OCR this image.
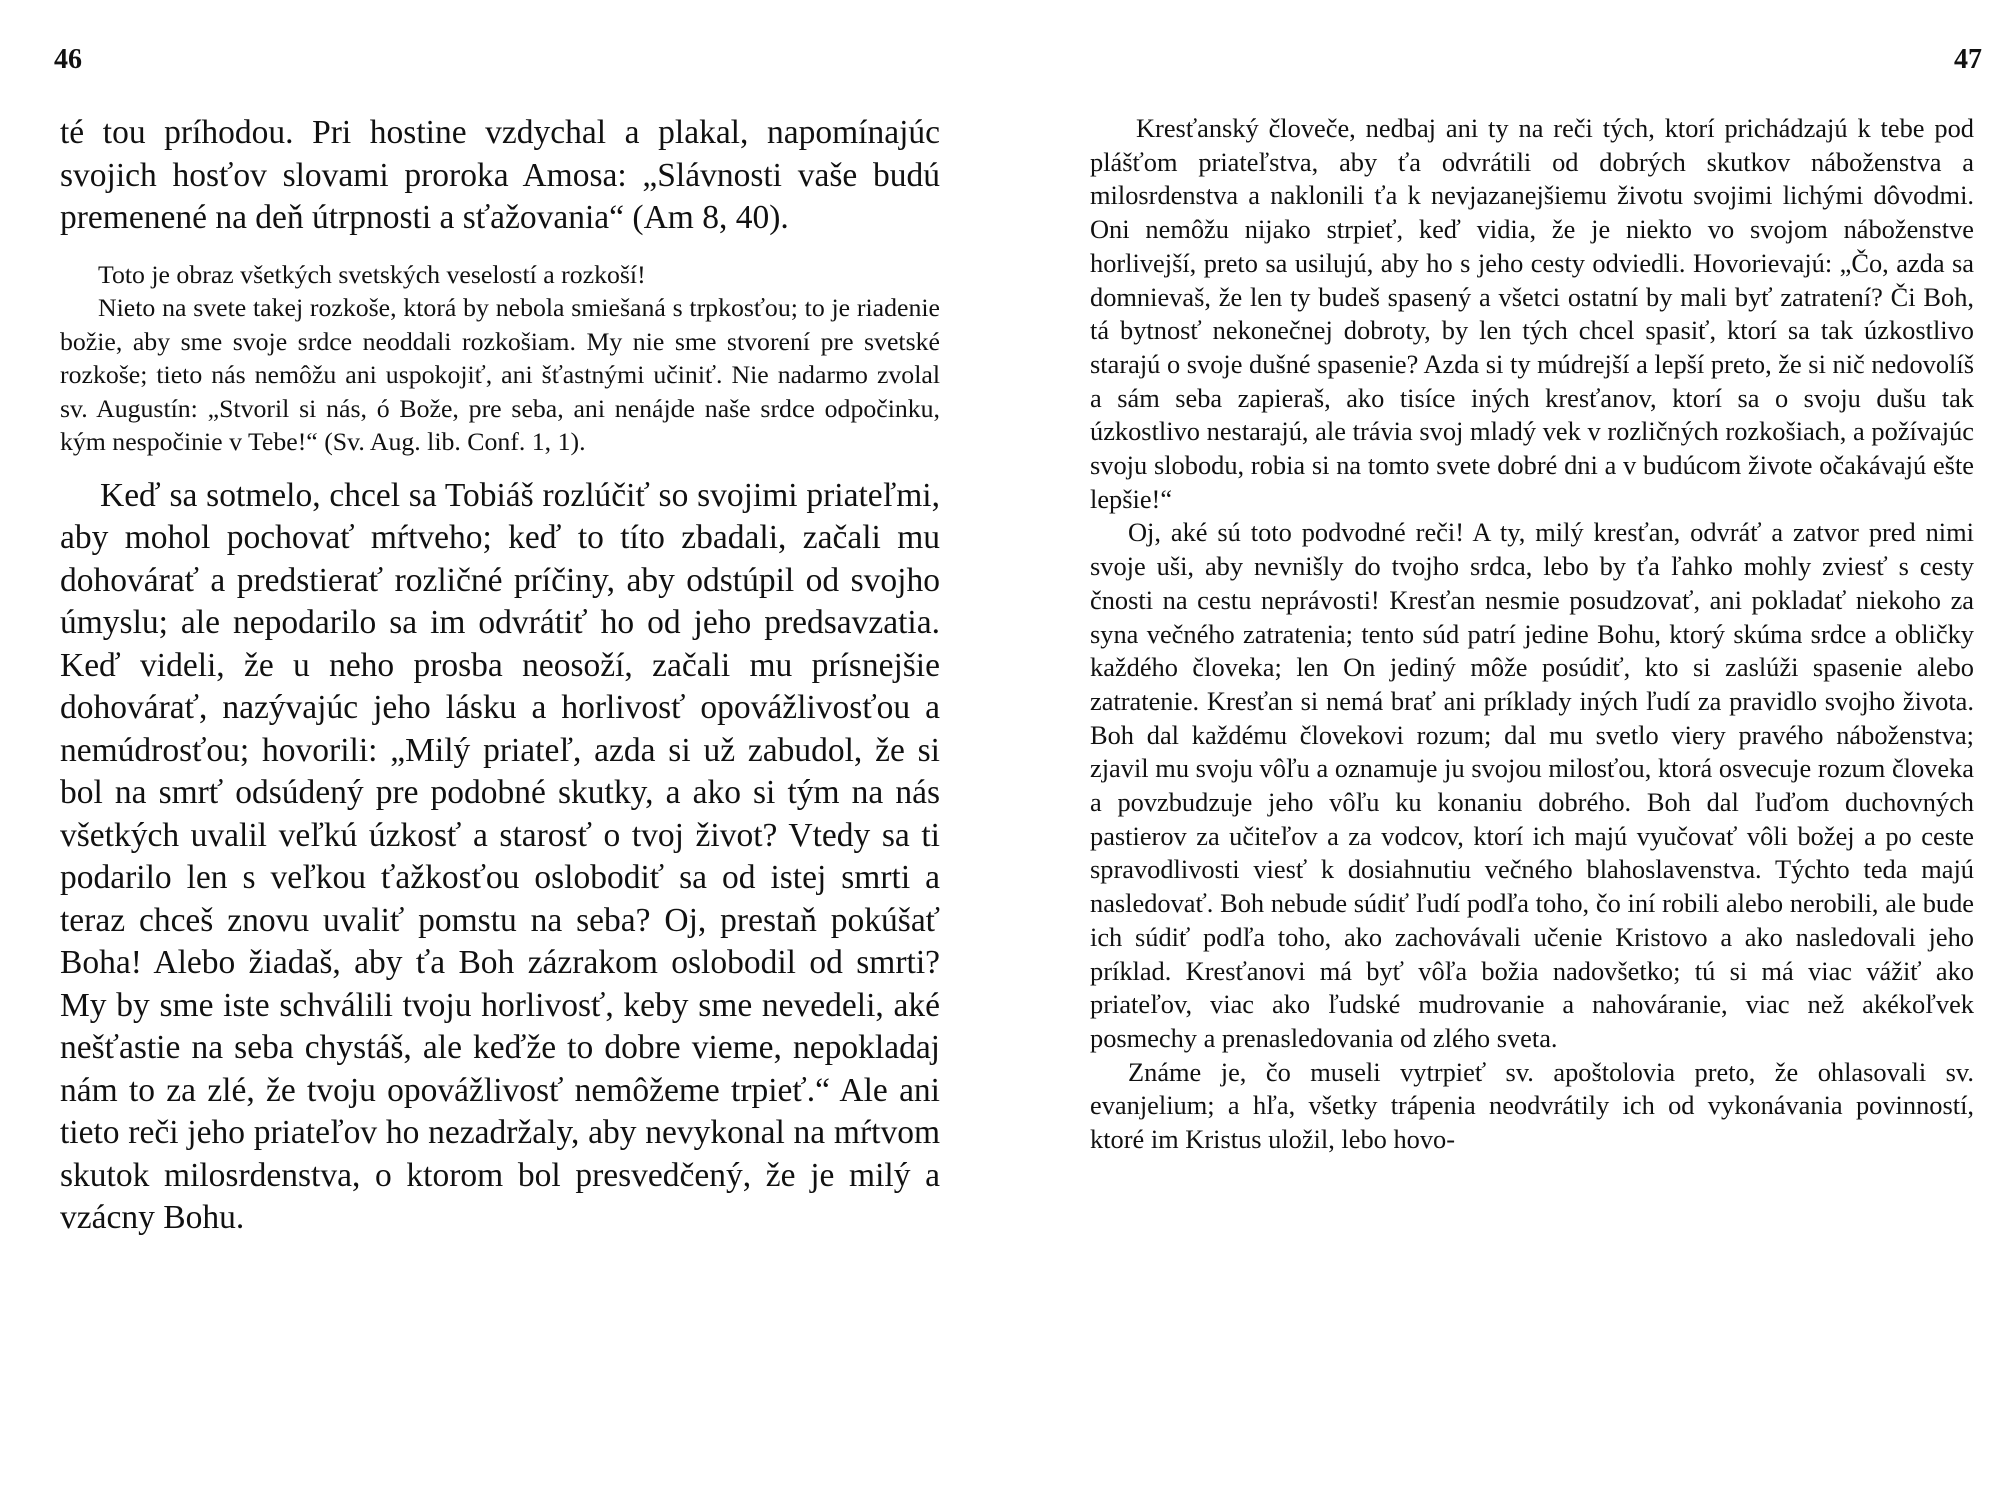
46

té tou príhodou. Pri hostine vzdychal a plakal, napomínajúc svojich hosťov slovami proroka Amosa: „Slávnosti vaše budú premenené na deň útrpnosti a sťažovania“ (Am 8, 40).

Toto je obraz všetkých svetských veselostí a rozkoší!

Nieto na svete takej rozkoše, ktorá by nebola smiešaná s trpkosťou; to je riadenie božie, aby sme svoje srdce neoddali rozkošiam. My nie sme stvorení pre svetské rozkoše; tieto nás nemôžu ani uspokojiť, ani šťastnými učiniť. Nie nadarmo zvolal sv. Augustín: „Stvoril si nás, ó Bože, pre seba, ani nenájde naše srdce odpočinku, kým nespočinie v Tebe!“ (Sv. Aug. lib. Conf. 1, 1).

Keď sa sotmelo, chcel sa Tobiáš rozlúčiť so svojimi priateľmi, aby mohol pochovať mŕtveho; keď to títo zbadali, začali mu dohovárať a predstierať rozličné príčiny, aby odstúpil od svojho úmyslu; ale nepodarilo sa im odvrátiť ho od jeho predsavzatia. Keď videli, že u neho prosba neosoží, začali mu prísnejšie dohovárať, nazývajúc jeho lásku a horlivosť opovážlivosťou a nemúdrosťou; hovorili: „Milý priateľ, azda si už zabudol, že si bol na smrť odsúdený pre podobné skutky, a ako si tým na nás všetkých uvalil veľkú úzkosť a starosť o tvoj život? Vtedy sa ti podarilo len s veľkou ťažkosťou oslobodiť sa od istej smrti a teraz chceš znovu uvaliť pomstu na seba? Oj, prestaň pokúšať Boha! Alebo žiadaš, aby ťa Boh zázrakom oslobodil od smrti? My by sme iste schválili tvoju horlivosť, keby sme nevedeli, aké nešťastie na seba chystáš, ale keďže to dobre vieme, nepokladaj nám to za zlé, že tvoju opovážlivosť nemôžeme trpieť.“ Ale ani tieto reči jeho priateľov ho nezadržaly, aby nevykonal na mŕtvom skutok milosrdenstva, o ktorom bol presvedčený, že je milý a vzácny Bohu.

47

Kresťanský človeče, nedbaj ani ty na reči tých, ktorí prichádzajú k tebe pod plášťom priateľstva, aby ťa odvrátili od dobrých skutkov náboženstva a milosrdenstva a naklonili ťa k nevjazanejšiemu životu svojimi lichými dôvodmi. Oni nemôžu nijako strpieť, keď vidia, že je niekto vo svojom náboženstve horlivejší, preto sa usilujú, aby ho s jeho cesty odviedli. Hovorievajú: „Čo, azda sa domnievaš, že len ty budeš spasený a všetci ostatní by mali byť zatratení? Či Boh, tá bytnosť nekonečnej dobroty, by len tých chcel spasiť, ktorí sa tak úzkostlivo starajú o svoje dušné spasenie? Azda si ty múdrejší a lepší preto, že si nič nedovolíš a sám seba zapieraš, ako tisíce iných kresťanov, ktorí sa o svoju dušu tak úzkostlivo nestarajú, ale trávia svoj mladý vek v rozličných rozkošiach, a požívajúc svoju slobodu, robia si na tomto svete dobré dni a v budúcom živote očakávajú ešte lepšie!“

Oj, aké sú toto podvodné reči! A ty, milý kresťan, odvráť a zatvor pred nimi svoje uši, aby nevnišly do tvojho srdca, lebo by ťa ľahko mohly zviesť s cesty čnosti na cestu neprávosti! Kresťan nesmie posudzovať, ani pokladať niekoho za syna večného zatratenia; tento súd patrí jedine Bohu, ktorý skúma srdce a obličky každého človeka; len On jediný môže posúdiť, kto si zaslúži spasenie alebo zatratenie. Kresťan si nemá brať ani príklady iných ľudí za pravidlo svojho života. Boh dal každému človekovi rozum; dal mu svetlo viery pravého náboženstva; zjavil mu svoju vôľu a oznamuje ju svojou milosťou, ktorá osvecuje rozum človeka a povzbudzuje jeho vôľu ku konaniu dobrého. Boh dal ľuďom duchovných pastierov za učiteľov a za vodcov, ktorí ich majú vyučovať vôli božej a po ceste spravodlivosti viesť k dosiahnutiu večného blahoslavenstva. Týchto teda majú nasledovať. Boh nebude súdiť ľudí podľa toho, čo iní robili alebo nerobili, ale bude ich súdiť podľa toho, ako zachovávali učenie Kristovo a ako nasledovali jeho príklad. Kresťanovi má byť vôľa božia nadovšetko; tú si má viac vážiť ako priateľov, viac ako ľudské mudrovanie a nahováranie, viac než akékoľvek posmechy a prenasledovania od zlého sveta.

Známe je, čo museli vytrpieť sv. apoštolovia preto, že ohlasovali sv. evanjelium; a hľa, všetky trápenia neodvrátily ich od vykonávania povinností, ktoré im Kristus uložil, lebo hovo-
